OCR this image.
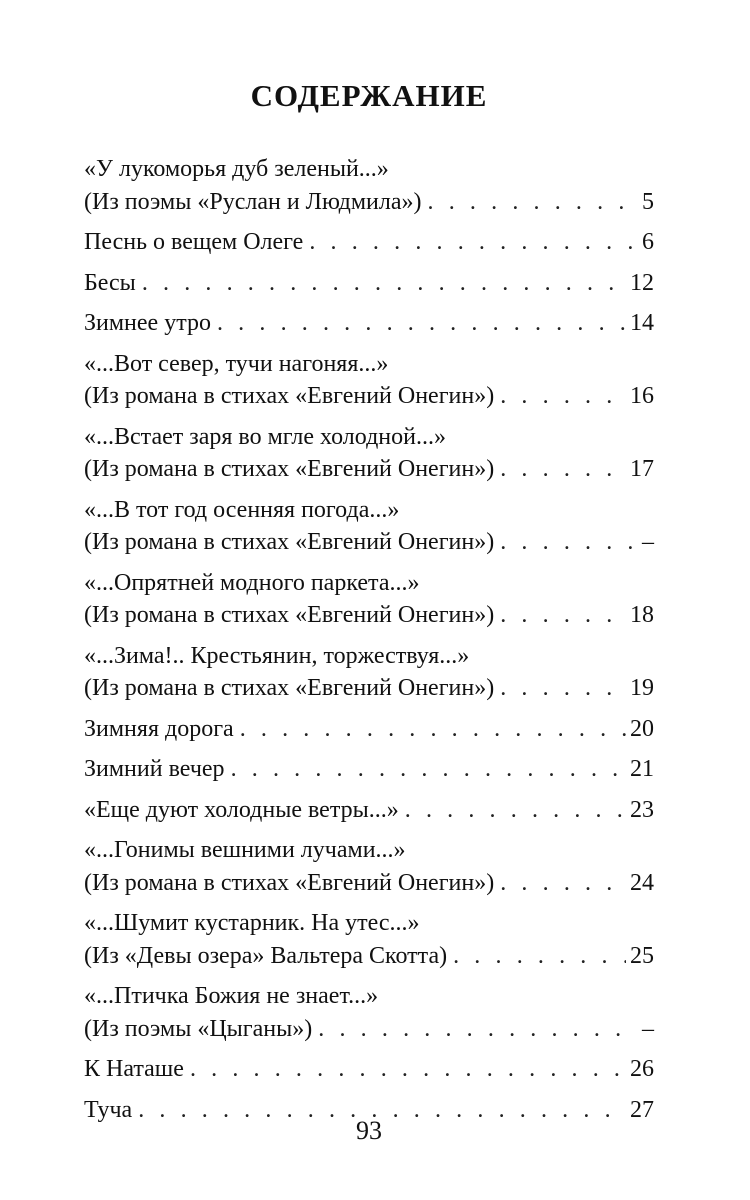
СОДЕРЖАНИЕ
«У лукоморья дуб зеленый...»
(Из поэмы «Руслан и Людмила») . . .	5
Песнь о вещем Олеге . . .	6
Бесы . . .	12
Зимнее утро . . .	14
«...Вот север, тучи нагоняя...»
(Из романа в стихах «Евгений Онегин») . . .	16
«...Встает заря во мгле холодной...»
(Из романа в стихах «Евгений Онегин») . . .	17
«...В тот год осенняя погода...»
(Из романа в стихах «Евгений Онегин») . . .	–
«...Опрятней модного паркета...»
(Из романа в стихах «Евгений Онегин») . . .	18
«...Зима!.. Крестьянин, торжествуя...»
(Из романа в стихах «Евгений Онегин») . . .	19
Зимняя дорога . . .	20
Зимний вечер . . .	21
«Еще дуют холодные ветры...» . . .	23
«...Гонимы вешними лучами...»
(Из романа в стихах «Евгений Онегин») . . .	24
«...Шумит кустарник. На утес...»
(Из «Девы озера» Вальтера Скотта) . . .	25
«...Птичка Божия не знает...»
(Из поэмы «Цыганы») . . .	–
К Наташе . . .	26
Туча . . .	27
93
